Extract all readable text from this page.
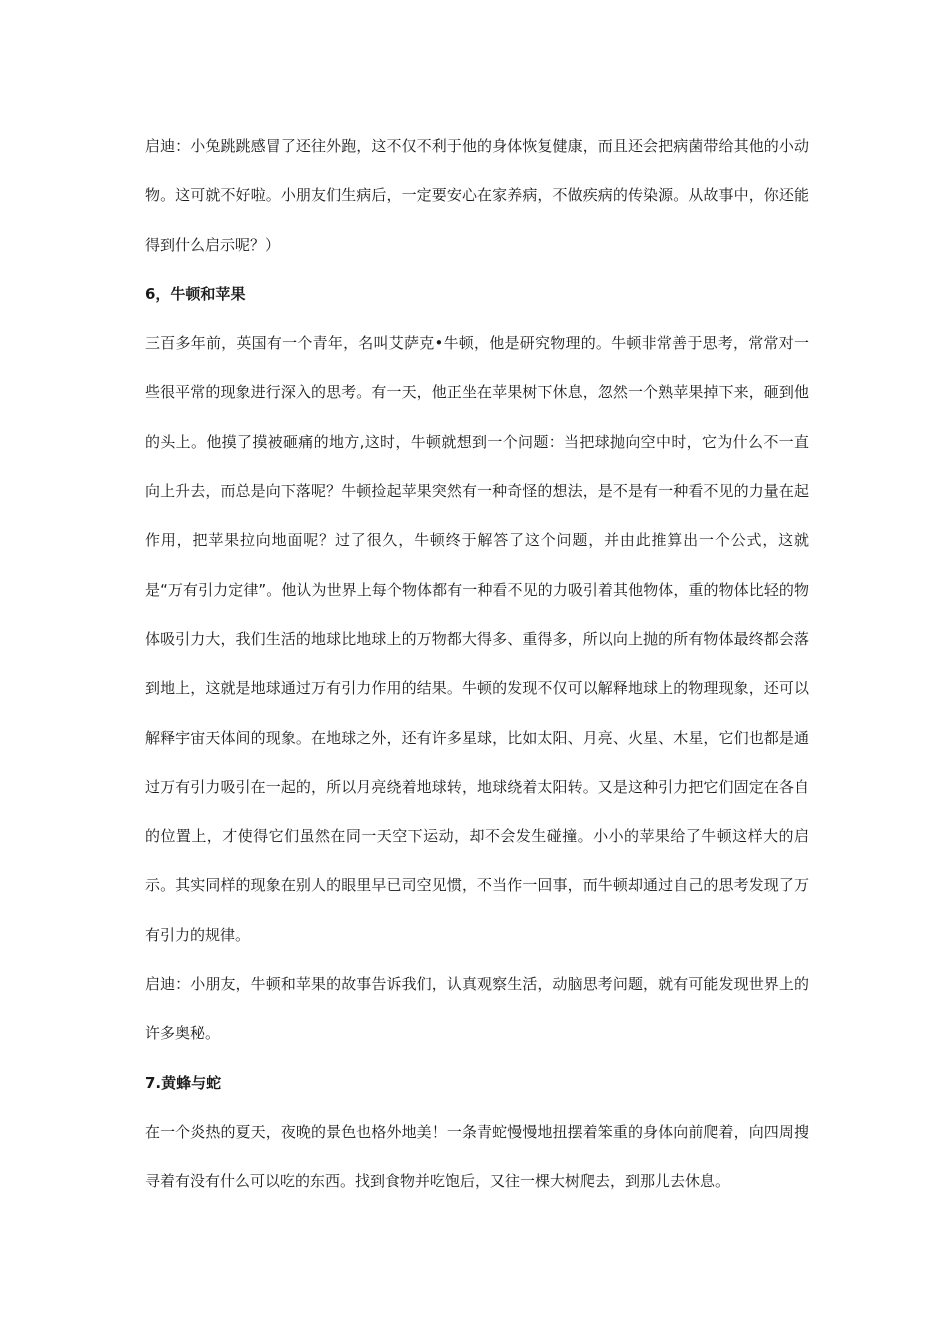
启迪：小兔跳跳感冒了还往外跑，这不仅不利于他的身体恢复健康，而且还会把病菌带给其他的小动物。这可就不好啦。小朋友们生病后，一定要安心在家养病，不做疾病的传染源。从故事中，你还能得到什么启示呢？）

6，牛顿和苹果

三百多年前，英国有一个青年，名叫艾萨克•牛顿，他是研究物理的。牛顿非常善于思考，常常对一些很平常的现象进行深入的思考。有一天，他正坐在苹果树下休息，忽然一个熟苹果掉下来，砸到他的头上。他摸了摸被砸痛的地方,这时，牛顿就想到一个问题：当把球抛向空中时，它为什么不一直向上升去，而总是向下落呢？牛顿捡起苹果突然有一种奇怪的想法，是不是有一种看不见的力量在起作用，把苹果拉向地面呢？过了很久，牛顿终于解答了这个问题，并由此推算出一个公式，这就是“万有引力定律”。他认为世界上每个物体都有一种看不见的力吸引着其他物体，重的物体比轻的物体吸引力大，我们生活的地球比地球上的万物都大得多、重得多，所以向上抛的所有物体最终都会落到地上，这就是地球通过万有引力作用的结果。牛顿的发现不仅可以解释地球上的物理现象，还可以解释宇宙天体间的现象。在地球之外，还有许多星球，比如太阳、月亮、火星、木星，它们也都是通过万有引力吸引在一起的，所以月亮绕着地球转，地球绕着太阳转。又是这种引力把它们固定在各自的位置上，才使得它们虽然在同一天空下运动，却不会发生碰撞。小小的苹果给了牛顿这样大的启示。其实同样的现象在别人的眼里早已司空见惯，不当作一回事，而牛顿却通过自己的思考发现了万有引力的规律。

启迪：小朋友，牛顿和苹果的故事告诉我们，认真观察生活，动脑思考问题，就有可能发现世界上的许多奥秘。

7.黄蜂与蛇

在一个炎热的夏天，夜晚的景色也格外地美！一条青蛇慢慢地扭摆着笨重的身体向前爬着，向四周搜寻着有没有什么可以吃的东西。找到食物并吃饱后，又往一棵大树爬去，到那儿去休息。
